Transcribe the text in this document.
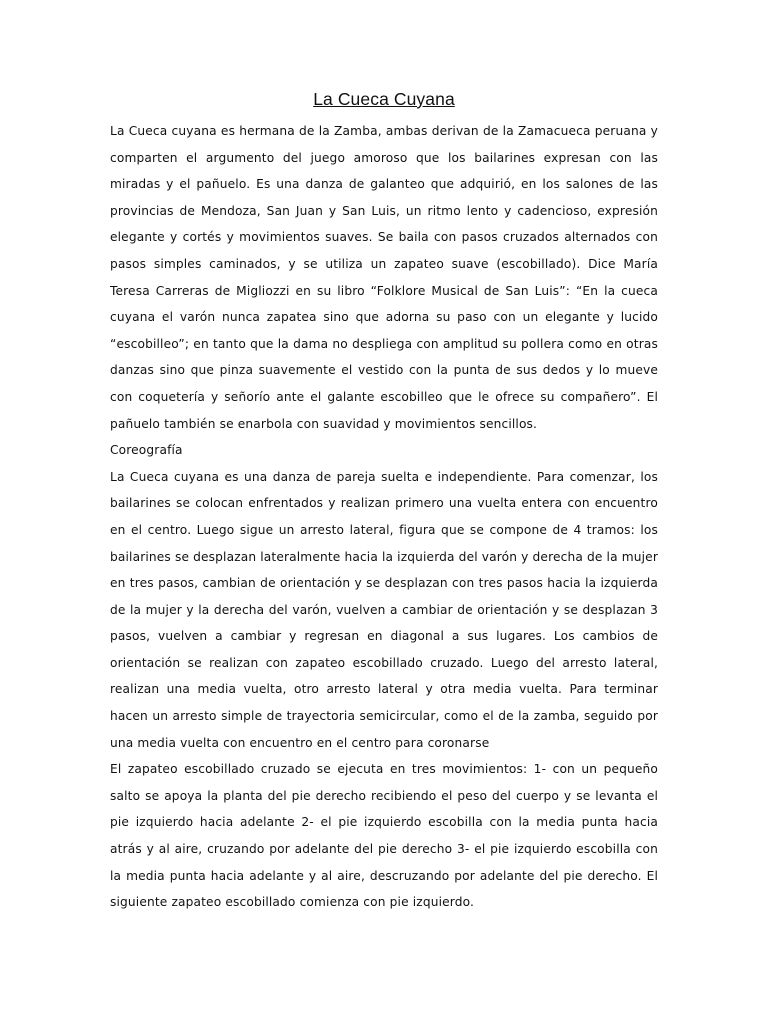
La Cueca Cuyana

La Cueca cuyana es hermana de la Zamba, ambas derivan de la Zamacueca peruana y comparten el argumento del juego amoroso que los bailarines expresan con las miradas y el pañuelo. Es una danza de galanteo que adquirió, en los salones de las provincias de Mendoza, San Juan y San Luis, un ritmo lento y cadencioso, expresión elegante y cortés y movimientos suaves. Se baila con pasos cruzados alternados con pasos simples caminados, y se utiliza un zapateo suave (escobillado). Dice María Teresa Carreras de Migliozzi en su libro “Folklore Musical de San Luis”: “En la cueca cuyana el varón nunca zapatea sino que adorna su paso con un elegante y lucido “escobilleo”; en tanto que la dama no despliega con amplitud su pollera como en otras danzas sino que pinza suavemente el vestido con la punta de sus dedos y lo mueve con coquetería y señorío ante el galante escobilleo que le ofrece su compañero”. El pañuelo también se enarbola con suavidad y movimientos sencillos.

Coreografía

La Cueca cuyana es una danza de pareja suelta e independiente. Para comenzar, los bailarines se colocan enfrentados y realizan primero una vuelta entera con encuentro en el centro. Luego sigue un arresto lateral, figura que se compone de 4 tramos: los bailarines se desplazan lateralmente hacia la izquierda del varón y derecha de la mujer en tres pasos, cambian de orientación y se desplazan con tres pasos hacia la izquierda de la mujer y la derecha del varón, vuelven a cambiar de orientación y se desplazan 3 pasos, vuelven a cambiar y regresan en diagonal a sus lugares. Los cambios de orientación se realizan con zapateo escobillado cruzado. Luego del arresto lateral, realizan una media vuelta, otro arresto lateral y otra media vuelta. Para terminar hacen un arresto simple de trayectoria semicircular, como el de la zamba, seguido por una media vuelta con encuentro en el centro para coronarse

El zapateo escobillado cruzado se ejecuta en tres movimientos: 1- con un pequeño salto se apoya la planta del pie derecho recibiendo el peso del cuerpo y se levanta el pie izquierdo hacia adelante 2- el pie izquierdo escobilla con la media punta hacia atrás y al aire, cruzando por adelante del pie derecho 3- el pie izquierdo escobilla con la media punta hacia adelante y al aire, descruzando por adelante del pie derecho. El siguiente zapateo escobillado comienza con pie izquierdo.
